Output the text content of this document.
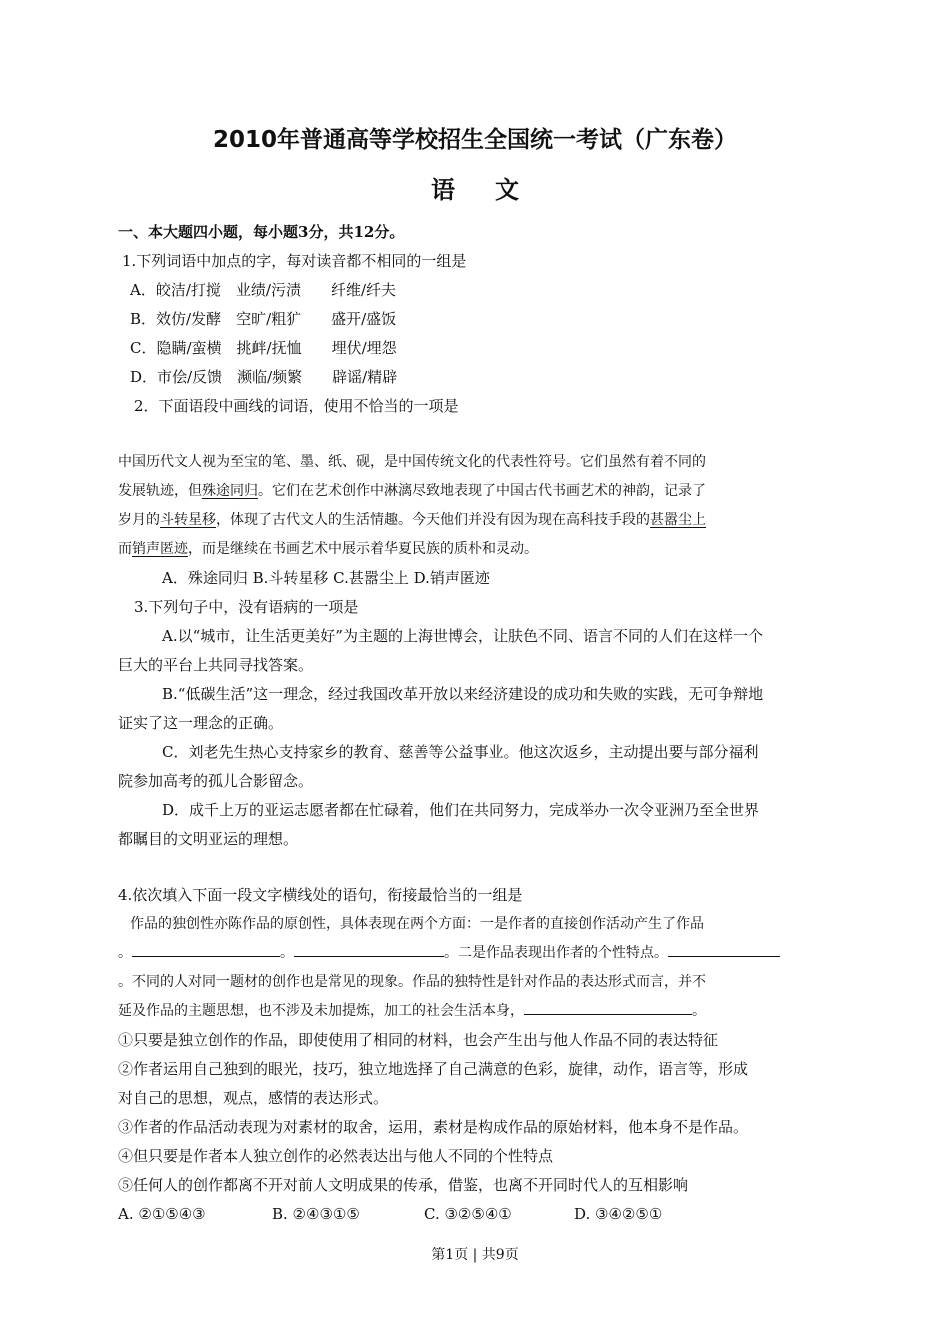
2010年普通高等学校招生全国统一考试（广东卷）
语文
一、本大题四小题，每小题3分，共12分。
1.下列词语中加点的字，每对读音都不相同的一组是
A．皎洁/打搅　业绩/污渍　　纤维/纤夫
B．效仿/发酵　空旷/粗犷　　盛开/盛饭
C．隐瞒/蛮横　挑衅/抚恤　　埋伏/埋怨
D．市侩/反馈　濒临/频繁　　辟谣/精辟
2．下面语段中画线的词语，使用不恰当的一项是
中国历代文人视为至宝的笔、墨、纸、砚，是中国传统文化的代表性符号。它们虽然有着不同的
发展轨迹，但殊途同归。它们在艺术创作中淋漓尽致地表现了中国古代书画艺术的神韵，记录了
岁月的斗转星移，体现了古代文人的生活情趣。今天他们并没有因为现在高科技手段的甚嚣尘上
而销声匿迹，而是继续在书画艺术中展示着华夏民族的质朴和灵动。
A．殊途同归 B.斗转星移 C.甚嚣尘上 D.销声匿迹
3.下列句子中，没有语病的一项是
A.以“城市，让生活更美好”为主题的上海世博会，让肤色不同、语言不同的人们在这样一个
巨大的平台上共同寻找答案。
B.“低碳生活”这一理念，经过我国改革开放以来经济建设的成功和失败的实践，无可争辩地
证实了这一理念的正确。
C．刘老先生热心支持家乡的教育、慈善等公益事业。他这次返乡，主动提出要与部分福利
院参加高考的孤儿合影留念。
D．成千上万的亚运志愿者都在忙碌着，他们在共同努力，完成举办一次令亚洲乃至全世界
都瞩目的文明亚运的理想。
4.依次填入下面一段文字横线处的语句，衔接最恰当的一组是
作品的独创性亦陈作品的原创性，具体表现在两个方面：一是作者的直接创作活动产生了作品
。	。	。二是作品表现出作者的个性特点。
。不同的人对同一题材的创作也是常见的现象。作品的独特性是针对作品的表达形式而言，并不
延及作品的主题思想，也不涉及未加提炼，加工的社会生活本身，	。
①只要是独立创作的作品，即使使用了相同的材料，也会产生出与他人作品不同的表达特征
②作者运用自己独到的眼光，技巧，独立地选择了自己满意的色彩，旋律，动作，语言等，形成
对自己的思想，观点，感情的表达形式。
③作者的作品活动表现为对素材的取舍，运用，素材是构成作品的原始材料，他本身不是作品。
④但只要是作者本人独立创作的必然表达出与他人不同的个性特点
⑤任何人的创作都离不开对前人文明成果的传承，借鉴，也离不开同时代人的互相影响
A. ②①⑤④③	B. ②④③①⑤	C. ③②⑤④①	D. ③④②⑤①
第1页 | 共9页
